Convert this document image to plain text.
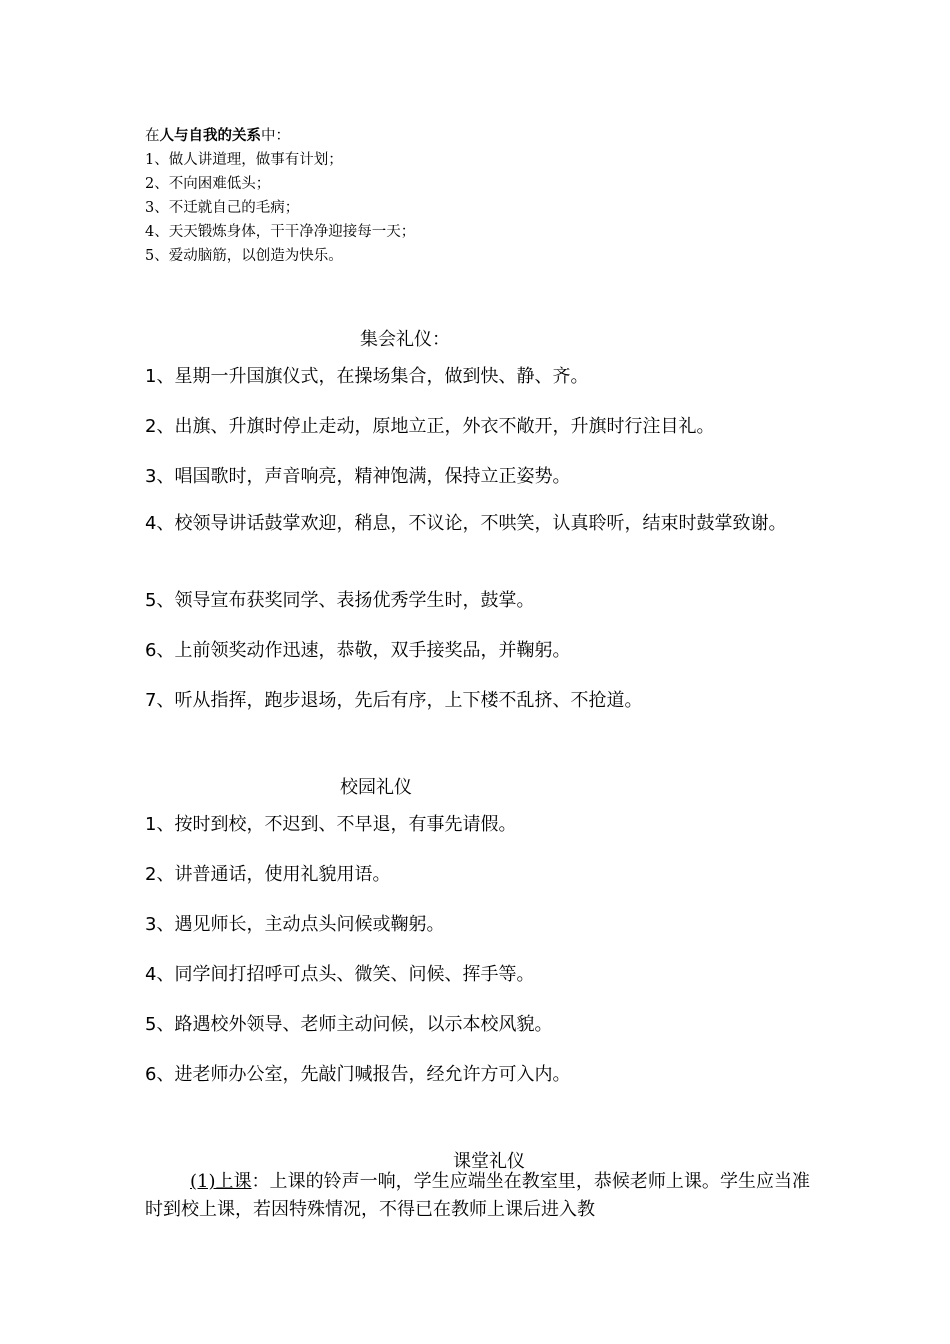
在人与自我的关系中：
1、做人讲道理，做事有计划；
2、不向困难低头；
3、不迁就自己的毛病；
4、天天锻炼身体，干干净净迎接每一天；
5、爱动脑筋，以创造为快乐。
集会礼仪：
1、星期一升国旗仪式，在操场集合，做到快、静、齐。
2、出旗、升旗时停止走动，原地立正，外衣不敞开，升旗时行注目礼。
3、唱国歌时，声音响亮，精神饱满，保持立正姿势。
4、校领导讲话鼓掌欢迎，稍息，不议论，不哄笑，认真聆听，结束时鼓掌致谢。
5、领导宣布获奖同学、表扬优秀学生时，鼓掌。
6、上前领奖动作迅速，恭敬，双手接奖品，并鞠躬。
7、听从指挥，跑步退场，先后有序，上下楼不乱挤、不抢道。
校园礼仪
1、按时到校，不迟到、不早退，有事先请假。
2、讲普通话，使用礼貌用语。
3、遇见师长，主动点头问候或鞠躬。
4、同学间打招呼可点头、微笑、问候、挥手等。
5、路遇校外领导、老师主动问候，以示本校风貌。
6、进老师办公室，先敲门喊报告，经允许方可入内。
课堂礼仪
(1)上课：上课的铃声一响，学生应端坐在教室里，恭候老师上课。学生应当准时到校上课，若因特殊情况，不得已在教师上课后进入教
